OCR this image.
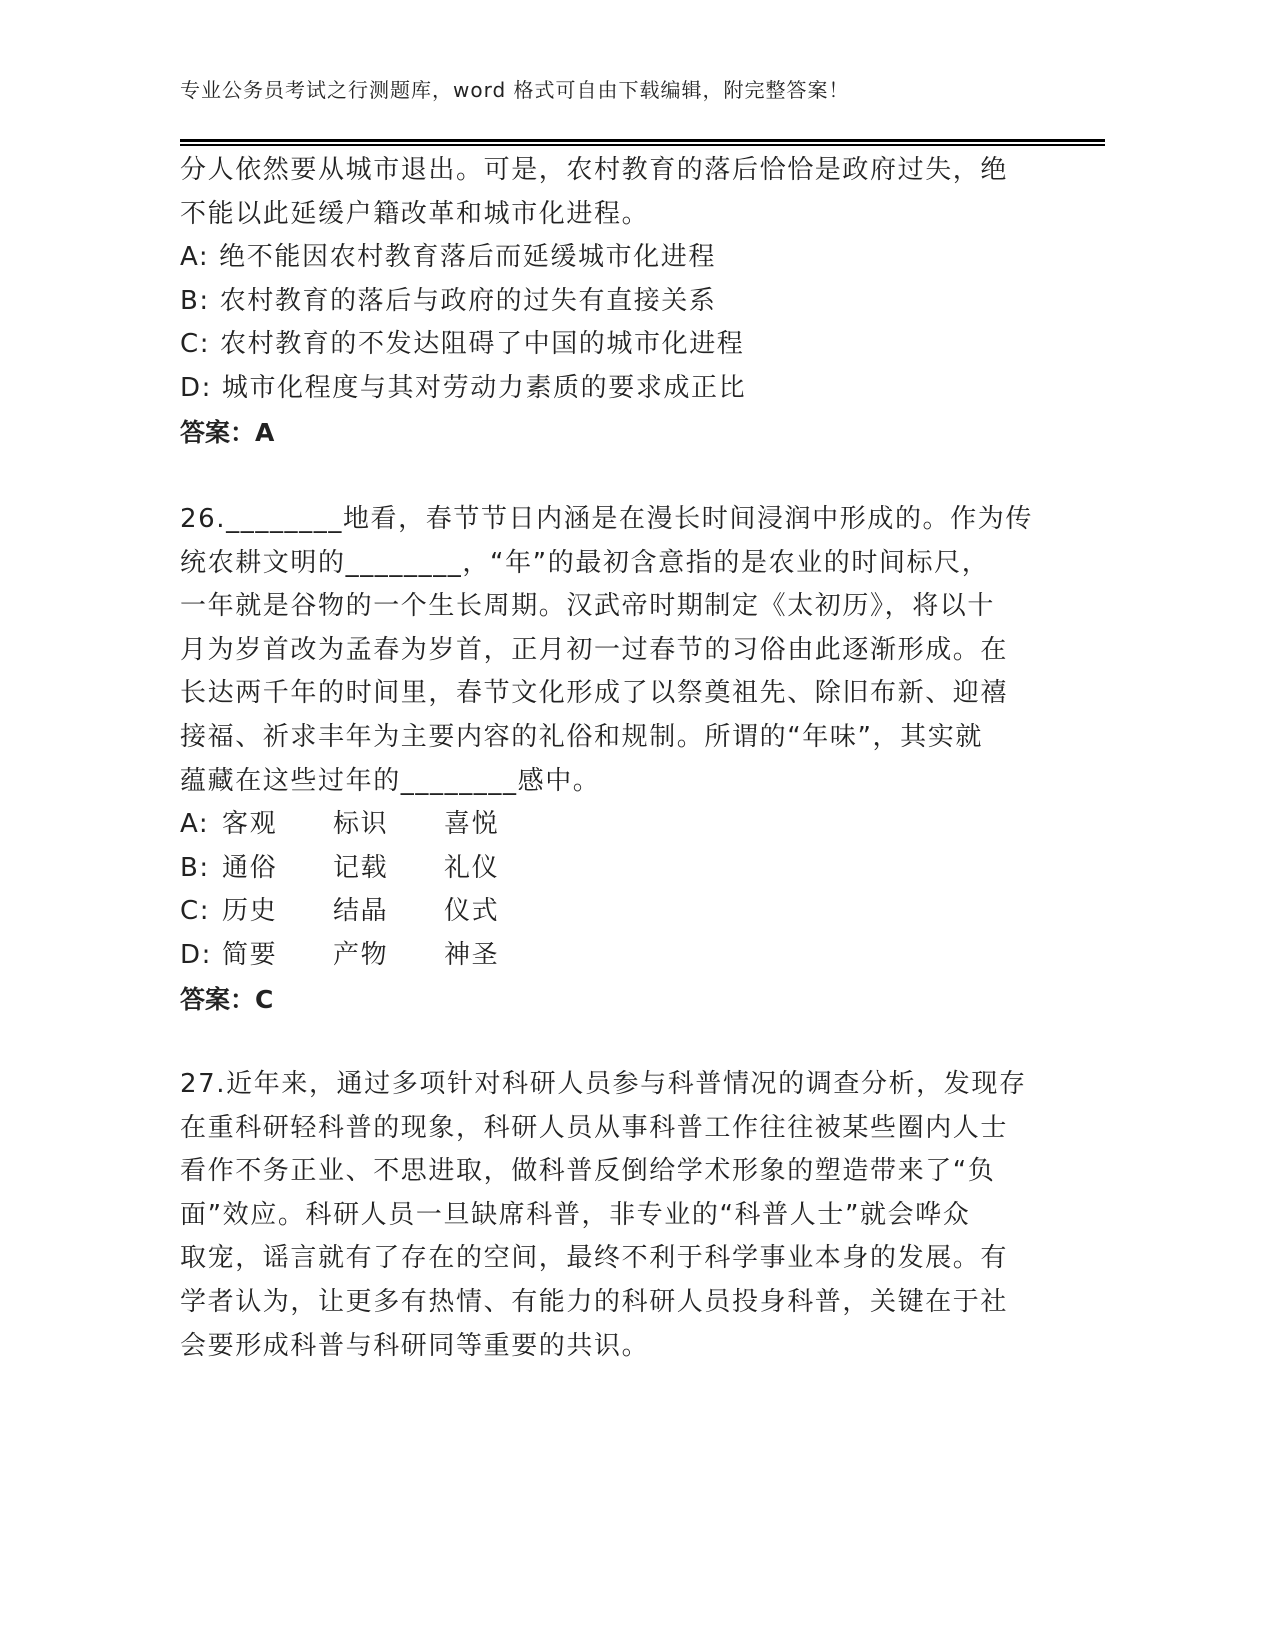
专业公务员考试之行测题库，word 格式可自由下载编辑，附完整答案！
分人依然要从城市退出。可是，农村教育的落后恰恰是政府过失，绝
不能以此延缓户籍改革和城市化进程。
A: 绝不能因农村教育落后而延缓城市化进程
B: 农村教育的落后与政府的过失有直接关系
C: 农村教育的不发达阻碍了中国的城市化进程
D: 城市化程度与其对劳动力素质的要求成正比
答案：A
26.________地看，春节节日内涵是在漫长时间浸润中形成的。作为传
统农耕文明的________，“年”的最初含意指的是农业的时间标尺，
一年就是谷物的一个生长周期。汉武帝时期制定《太初历》，将以十
月为岁首改为孟春为岁首，正月初一过春节的习俗由此逐渐形成。在
长达两千年的时间里，春节文化形成了以祭奠祖先、除旧布新、迎禧
接福、祈求丰年为主要内容的礼俗和规制。所谓的“年味”，其实就
蕴藏在这些过年的________感中。
A: 客观 标识 喜悦
B: 通俗 记载 礼仪
C: 历史 结晶 仪式
D: 简要 产物 神圣
答案：C
27.近年来，通过多项针对科研人员参与科普情况的调查分析，发现存
在重科研轻科普的现象，科研人员从事科普工作往往被某些圈内人士
看作不务正业、不思进取，做科普反倒给学术形象的塑造带来了“负
面”效应。科研人员一旦缺席科普，非专业的“科普人士”就会哗众
取宠，谣言就有了存在的空间，最终不利于科学事业本身的发展。有
学者认为，让更多有热情、有能力的科研人员投身科普，关键在于社
会要形成科普与科研同等重要的共识。
